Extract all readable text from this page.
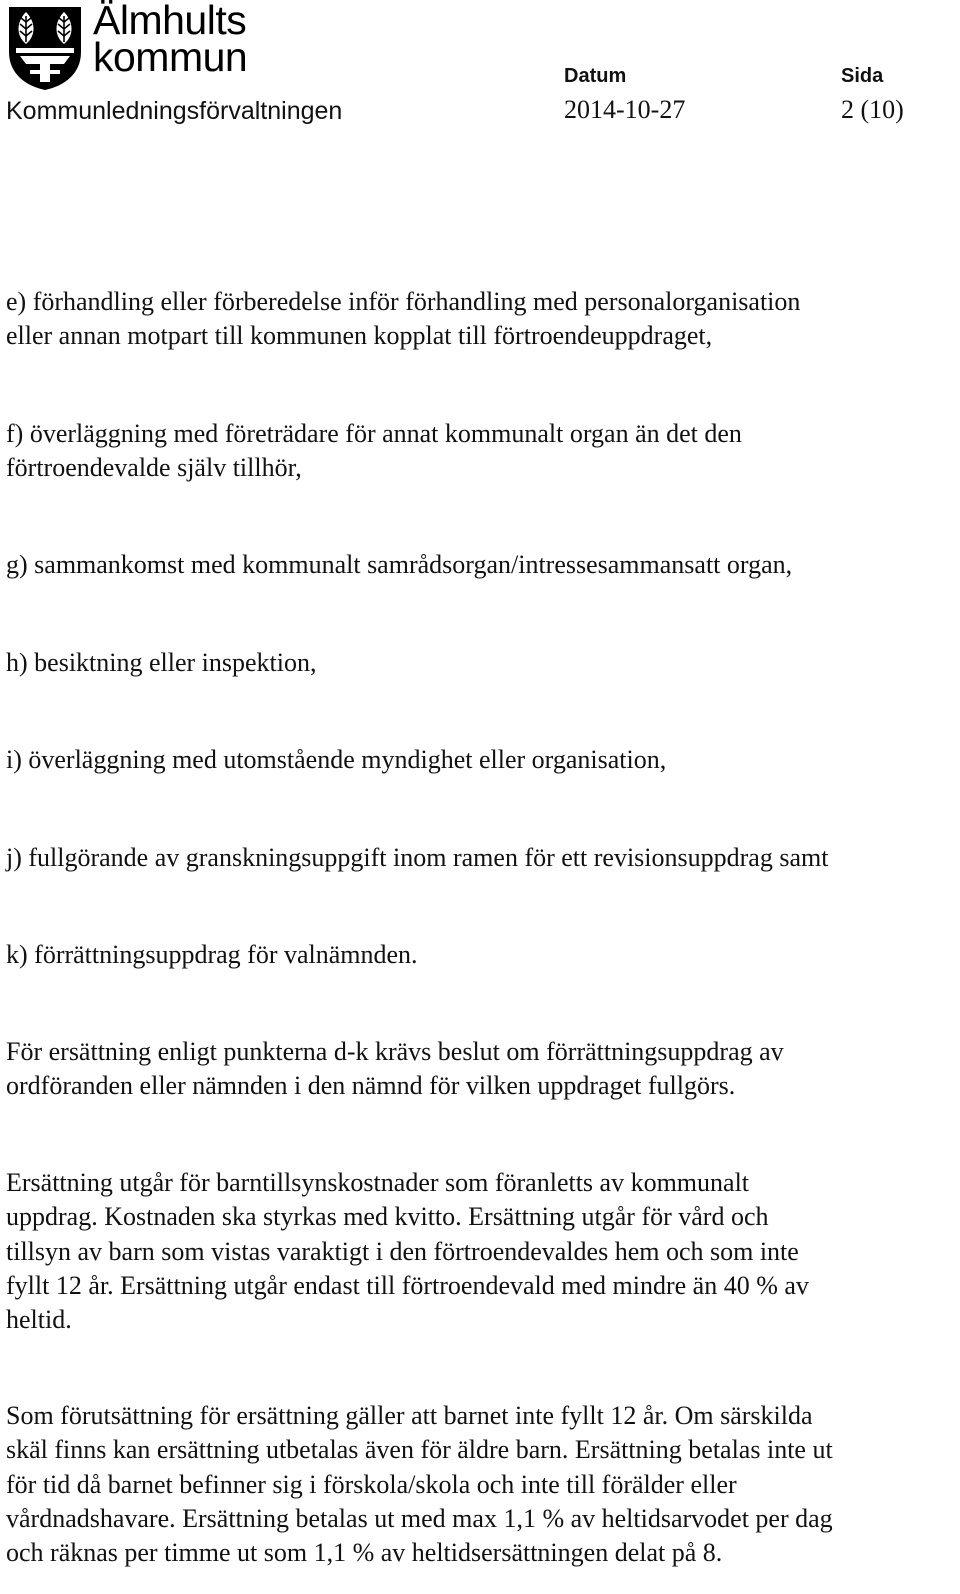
Älmhults
kommun
Kommunledningsförvaltningen
Datum
2014-10-27
Sida
2 (10)
e) förhandling eller förberedelse inför förhandling med personalorganisation
eller annan motpart till kommunen kopplat till förtroendeuppdraget,
f) överläggning med företrädare för annat kommunalt organ än det den
förtroendevalde själv tillhör,
g) sammankomst med kommunalt samrådsorgan/intressesammansatt organ,
h) besiktning eller inspektion,
i) överläggning med utomstående myndighet eller organisation,
j) fullgörande av granskningsuppgift inom ramen för ett revisionsuppdrag samt
k) förrättningsuppdrag för valnämnden.
För ersättning enligt punkterna d-k krävs beslut om förrättningsuppdrag av
ordföranden eller nämnden i den nämnd för vilken uppdraget fullgörs.
Ersättning utgår för barntillsynskostnader som föranletts av kommunalt
uppdrag. Kostnaden ska styrkas med kvitto. Ersättning utgår för vård och
tillsyn av barn som vistas varaktigt i den förtroendevaldes hem och som inte
fyllt 12 år. Ersättning utgår endast till förtroendevald med mindre än 40 % av
heltid.
Som förutsättning för ersättning gäller att barnet inte fyllt 12 år. Om särskilda
skäl finns kan ersättning utbetalas även för äldre barn. Ersättning betalas inte ut
för tid då barnet befinner sig i förskola/skola och inte till förälder eller
vårdnadshavare. Ersättning betalas ut med max 1,1 % av heltidsarvodet per dag
och räknas per timme ut som 1,1 % av heltidsersättningen delat på 8.
